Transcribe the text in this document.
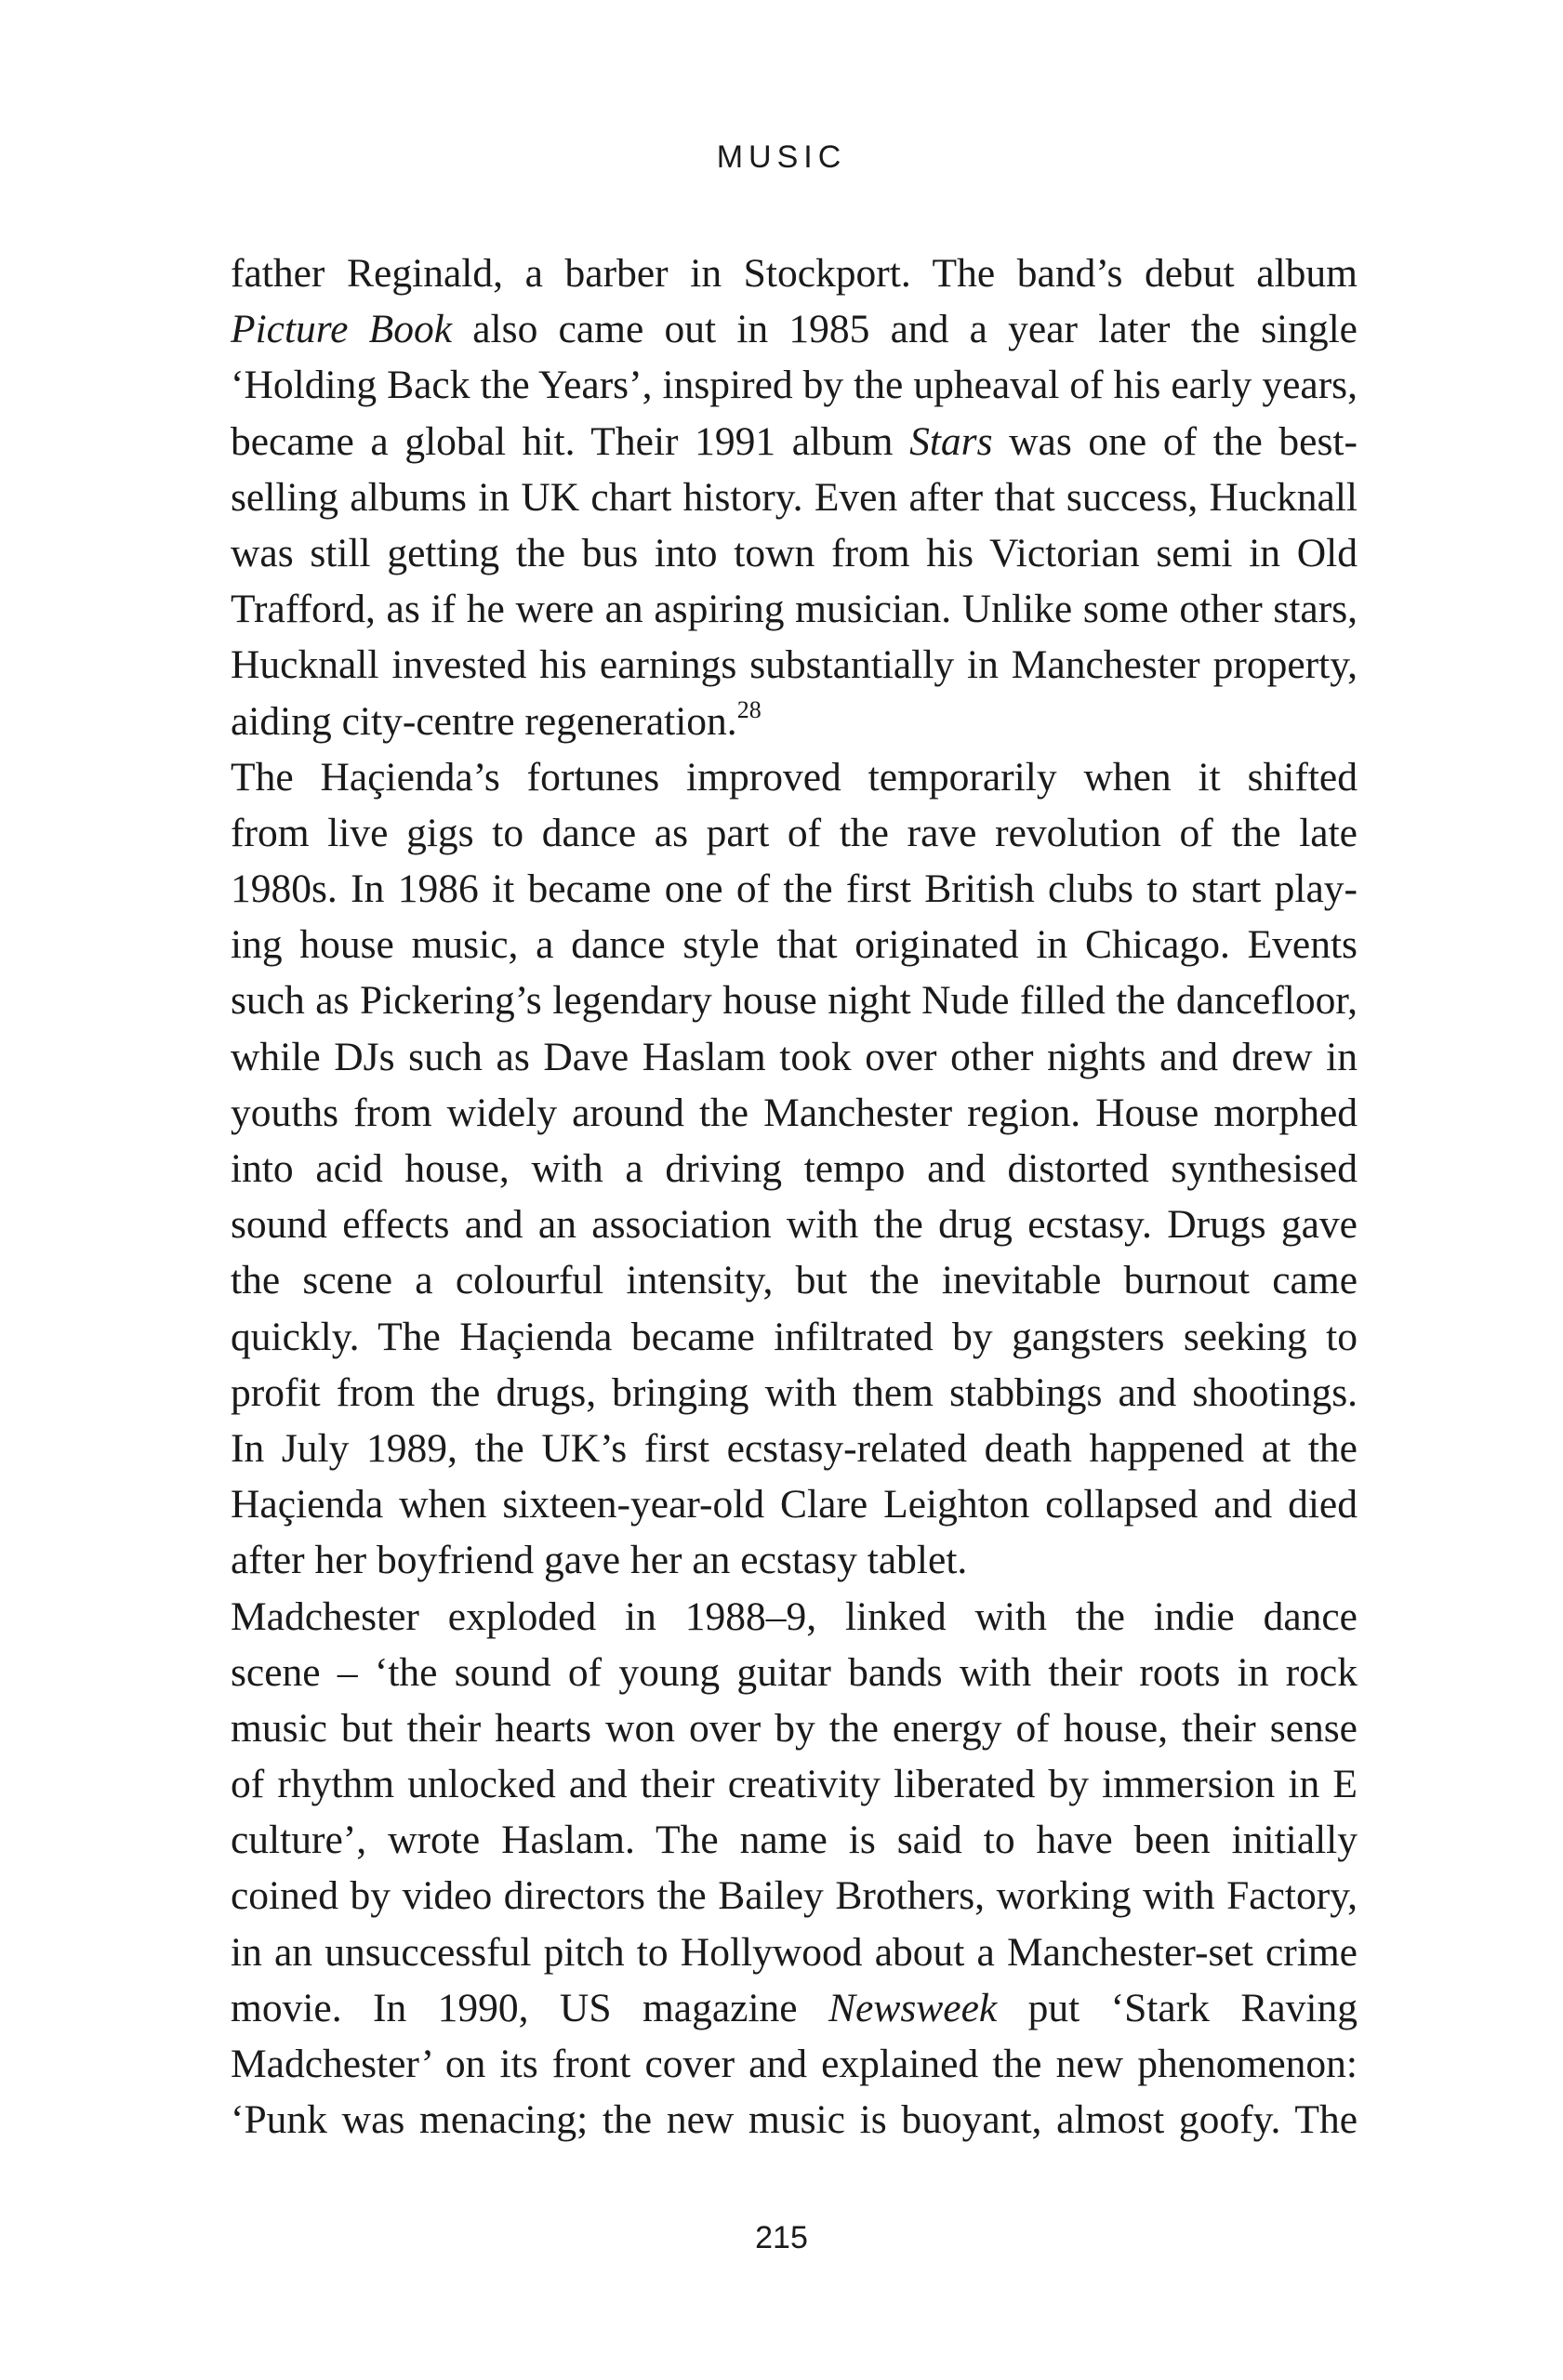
MUSIC
father Reginald, a barber in Stockport. The band’s debut album
Picture Book also came out in 1985 and a year later the single
‘Holding Back the Years’, inspired by the upheaval of his early years,
became a global hit. Their 1991 album Stars was one of the best-
selling albums in UK chart history. Even after that success, Hucknall
was still getting the bus into town from his Victorian semi in Old
Trafford, as if he were an aspiring musician. Unlike some other stars,
Hucknall invested his earnings substantially in Manchester property,
aiding city-centre regeneration.$^{28}$
The Haçienda’s fortunes improved temporarily when it shifted
from live gigs to dance as part of the rave revolution of the late
1980s. In 1986 it became one of the first British clubs to start play-
ing house music, a dance style that originated in Chicago. Events
such as Pickering’s legendary house night Nude filled the dancefloor,
while DJs such as Dave Haslam took over other nights and drew in
youths from widely around the Manchester region. House morphed
into acid house, with a driving tempo and distorted synthesised
sound effects and an association with the drug ecstasy. Drugs gave
the scene a colourful intensity, but the inevitable burnout came
quickly. The Haçienda became infiltrated by gangsters seeking to
profit from the drugs, bringing with them stabbings and shootings.
In July 1989, the UK’s first ecstasy-related death happened at the
Haçienda when sixteen-year-old Clare Leighton collapsed and died
after her boyfriend gave her an ecstasy tablet.
Madchester exploded in 1988–9, linked with the indie dance
scene – ‘the sound of young guitar bands with their roots in rock
music but their hearts won over by the energy of house, their sense
of rhythm unlocked and their creativity liberated by immersion in E
culture’, wrote Haslam. The name is said to have been initially
coined by video directors the Bailey Brothers, working with Factory,
in an unsuccessful pitch to Hollywood about a Manchester-set crime
movie. In 1990, US magazine Newsweek put ‘Stark Raving
Madchester’ on its front cover and explained the new phenomenon:
‘Punk was menacing; the new music is buoyant, almost goofy. The
215
